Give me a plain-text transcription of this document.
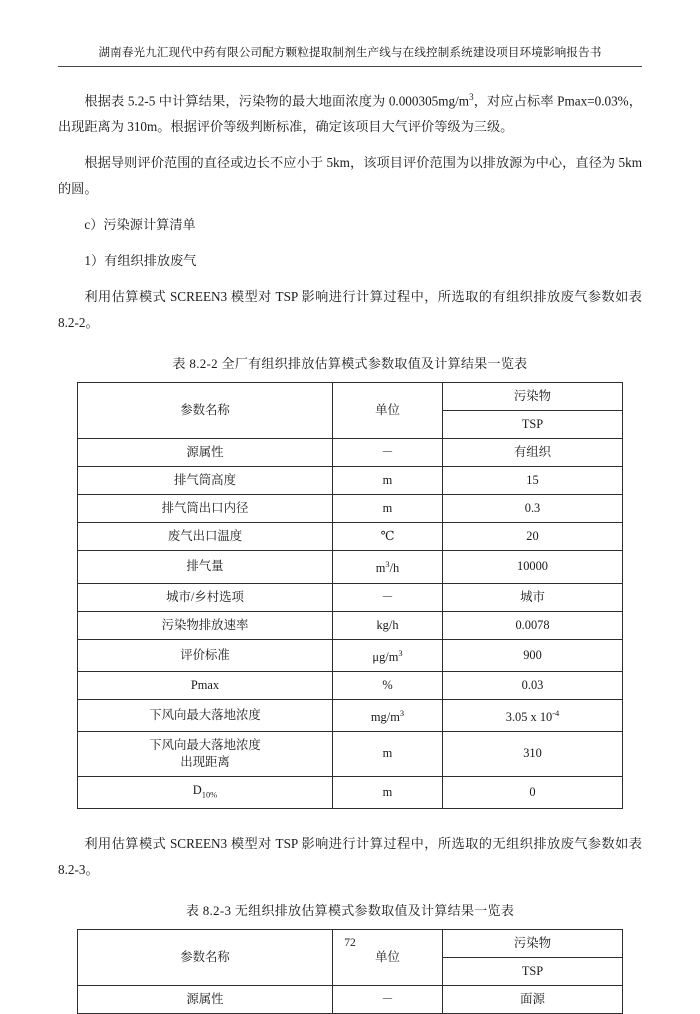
湖南春光九汇现代中药有限公司配方颗粒提取制剂生产线与在线控制系统建设项目环境影响报告书

根据表 5.2-5 中计算结果，污染物的最大地面浓度为 $0.000305mg/m^3$，对应占标率 Pmax=0.03%，出现距离为 310m。根据评价等级判断标准，确定该项目大气评价等级为三级。

根据导则评价范围的直径或边长不应小于 5km，该项目评价范围为以排放源为中心，直径为 5km 的圆。

c）污染源计算清单

1）有组织排放废气

利用估算模式 SCREEN3 模型对 TSP 影响进行计算过程中，所选取的有组织排放废气参数如表 8.2-2。

表 8.2-2 全厂有组织排放估算模式参数取值及计算结果一览表

参数名称	单位	污染物
		TSP
源属性	－	有组织
排气筒高度	m	15
排气筒出口内径	m	0.3
废气出口温度	℃	20
排气量	$m^3/h$	10000
城市/乡村选项	－	城市
污染物排放速率	kg/h	0.0078
评价标准	$\mu g/m^3$	900
Pmax	%	0.03
下风向最大落地浓度	$mg/m^3$	3.05 x $10^{-4}$
下风向最大落地浓度
出现距离	m	310
$D_{10\%}$	m	0

利用估算模式 SCREEN3 模型对 TSP 影响进行计算过程中，所选取的无组织排放废气参数如表 8.2-3。

表 8.2-3 无组织排放估算模式参数取值及计算结果一览表

参数名称	单位	污染物
		TSP
源属性	－	面源
72
